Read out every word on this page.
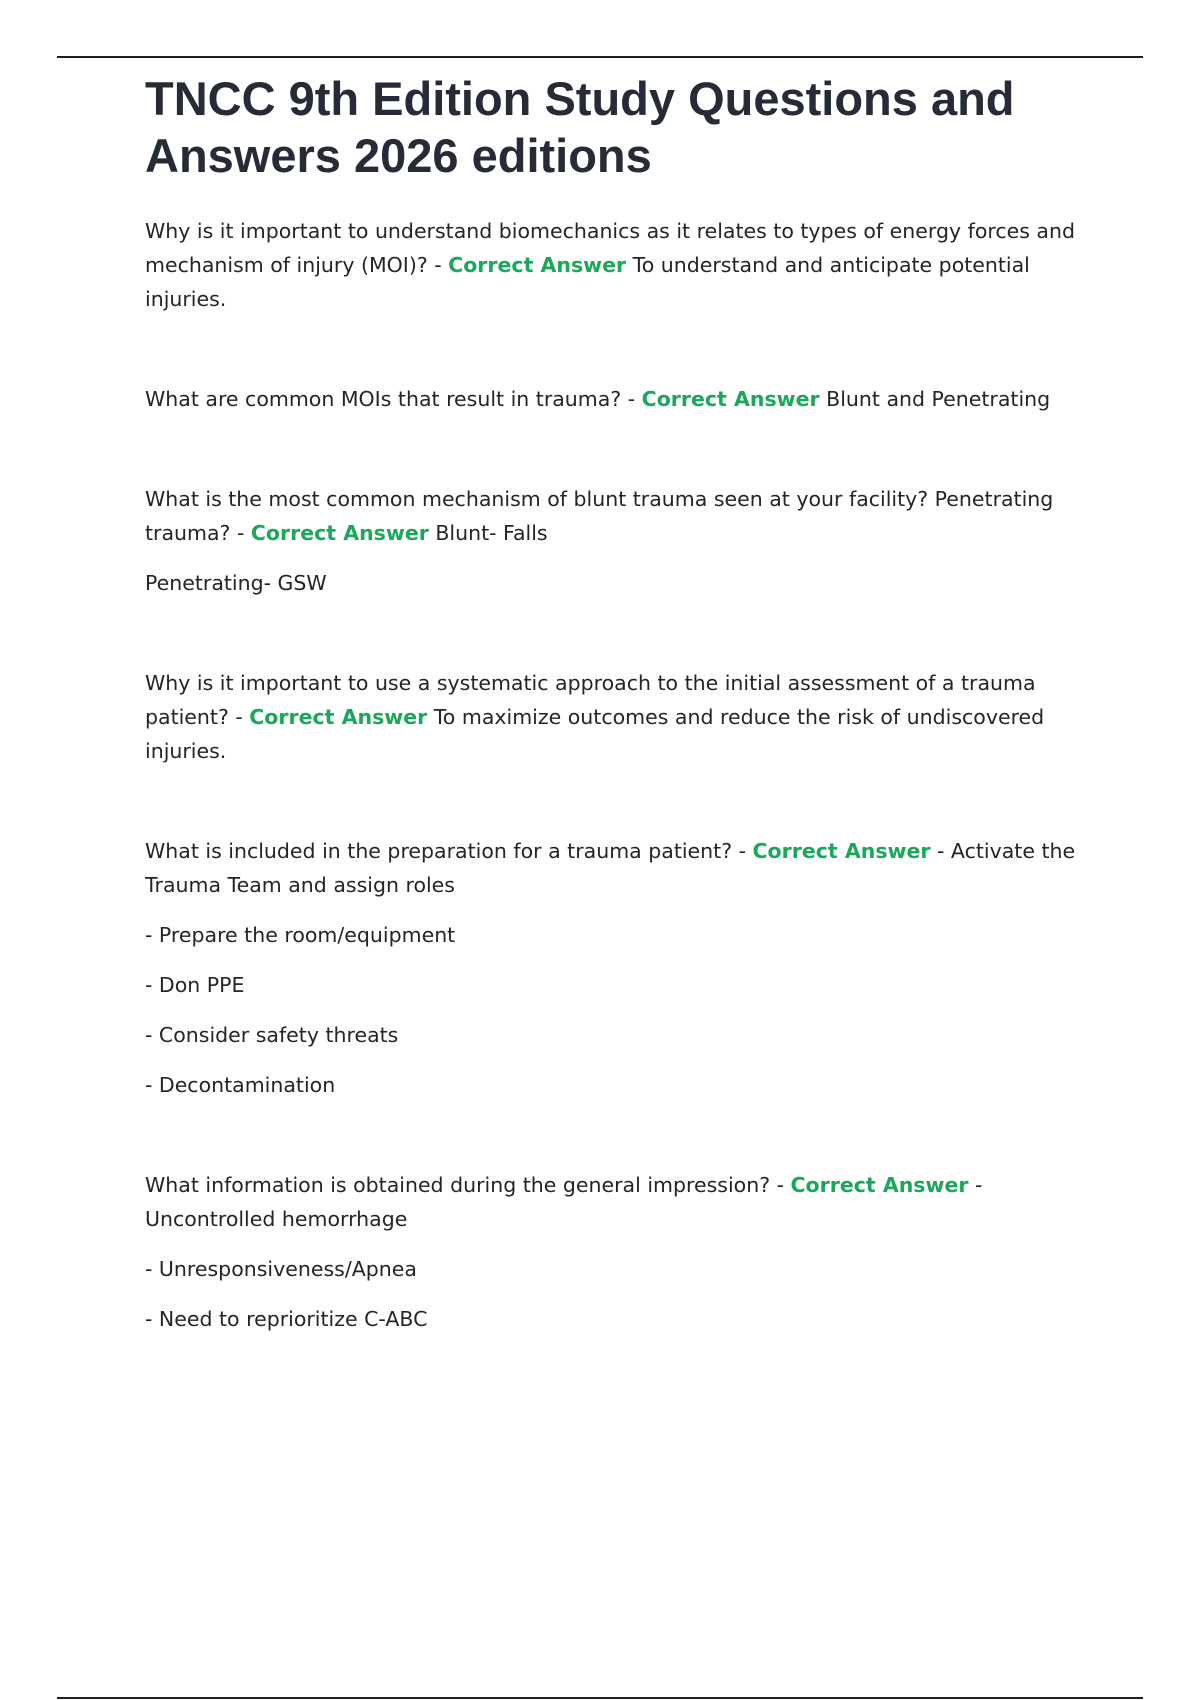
TNCC 9th Edition Study Questions and
Answers 2026 editions

Why is it important to understand biomechanics as it relates to types of energy forces and mechanism of injury (MOI)? - Correct Answer To understand and anticipate potential injuries.

What are common MOIs that result in trauma? - Correct Answer Blunt and Penetrating

What is the most common mechanism of blunt trauma seen at your facility? Penetrating trauma? - Correct Answer Blunt- Falls

Penetrating- GSW

Why is it important to use a systematic approach to the initial assessment of a trauma patient? - Correct Answer To maximize outcomes and reduce the risk of undiscovered injuries.

What is included in the preparation for a trauma patient? - Correct Answer - Activate the Trauma Team and assign roles

- Prepare the room/equipment

- Don PPE

- Consider safety threats

- Decontamination

What information is obtained during the general impression? - Correct Answer - Uncontrolled hemorrhage

- Unresponsiveness/Apnea

- Need to reprioritize C-ABC
